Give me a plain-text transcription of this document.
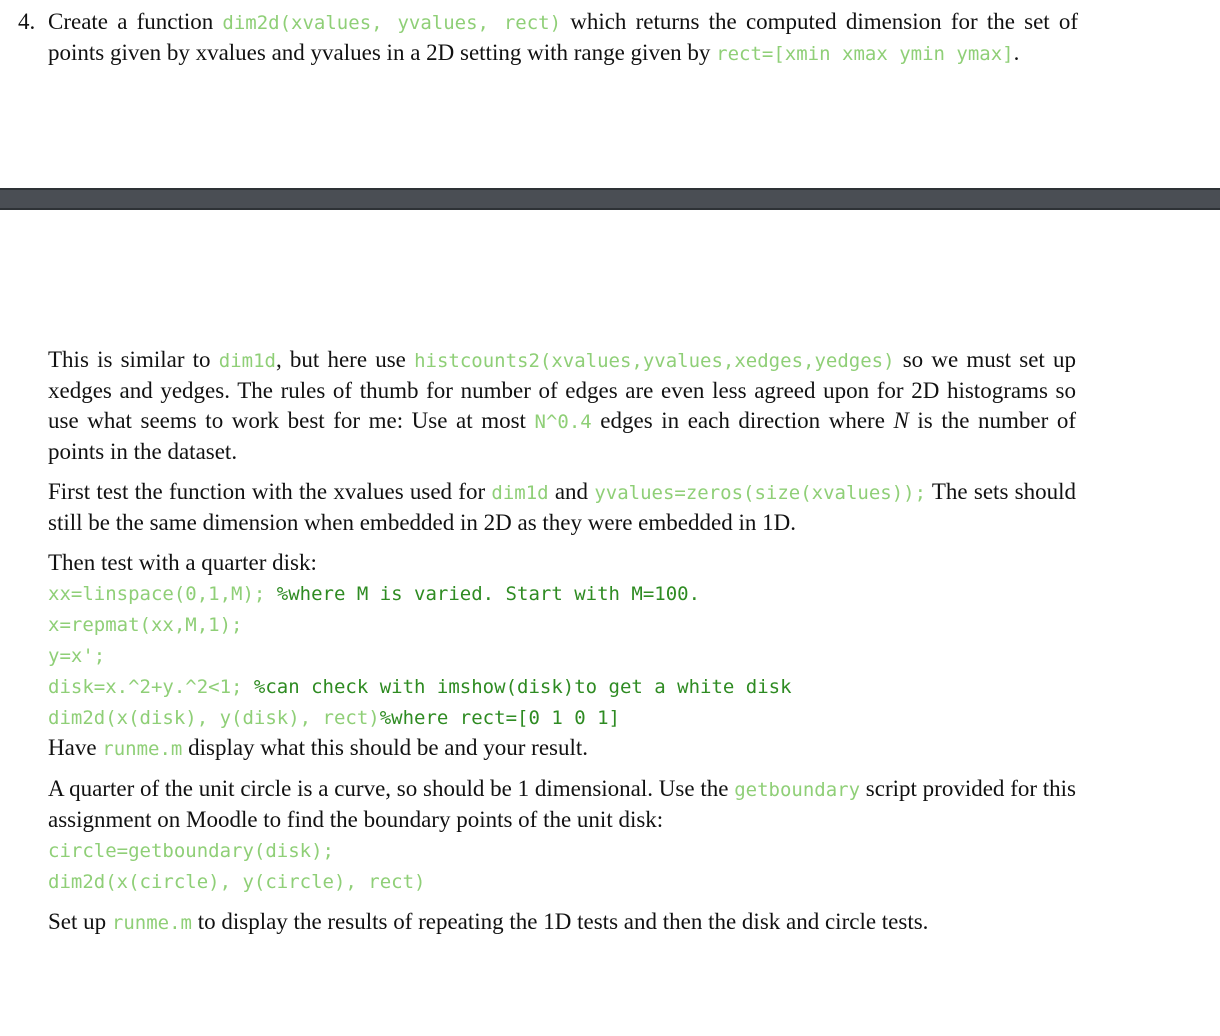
4. Create a function dim2d(xvalues, yvalues, rect) which returns the computed dimension for the set of points given by xvalues and yvalues in a 2D setting with range given by rect=[xmin xmax ymin ymax].

This is similar to dim1d, but here use histcounts2(xvalues,yvalues,xedges,yedges) so we must set up xedges and yedges. The rules of thumb for number of edges are even less agreed upon for 2D histograms so use what seems to work best for me: Use at most N^0.4 edges in each direction where N is the number of points in the dataset.

First test the function with the xvalues used for dim1d and yvalues=zeros(size(xvalues)); The sets should still be the same dimension when embedded in 2D as they were embedded in 1D.

Then test with a quarter disk:
xx=linspace(0,1,M); %where M is varied. Start with M=100.
x=repmat(xx,M,1);
y=x';
disk=x.^2+y.^2<1; %can check with imshow(disk)to get a white disk
dim2d(x(disk), y(disk), rect)%where rect=[0 1 0 1]
Have runme.m display what this should be and your result.

A quarter of the unit circle is a curve, so should be 1 dimensional. Use the getboundary script provided for this assignment on Moodle to find the boundary points of the unit disk:
circle=getboundary(disk);
dim2d(x(circle), y(circle), rect)

Set up runme.m to display the results of repeating the 1D tests and then the disk and circle tests.
